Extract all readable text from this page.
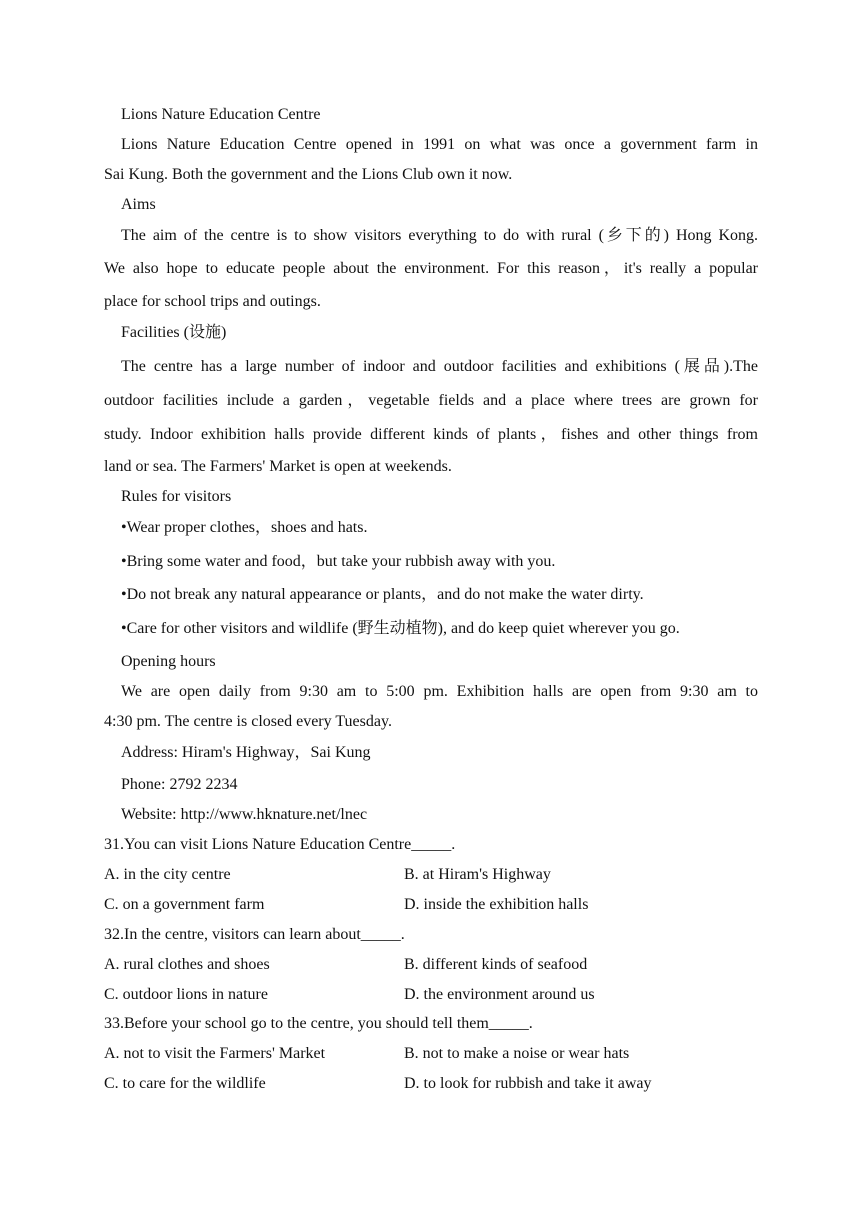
Lions Nature Education Centre
Lions Nature Education Centre opened in 1991 on what was once a government farm in
Sai Kung. Both the government and the Lions Club own it now.
Aims
The aim of the centre is to show visitors everything to do with rural (乡下的) Hong Kong.
We also hope to educate people about the environment. For this reason，it's really a popular
place for school trips and outings.
Facilities (设施)
The centre has a large number of indoor and outdoor facilities and exhibitions (展品).The
outdoor facilities include a garden，vegetable fields and a place where trees are grown for
study. Indoor exhibition halls provide different kinds of plants，fishes and other things from
land or sea. The Farmers' Market is open at weekends.
Rules for visitors
•Wear proper clothes，shoes and hats.
•Bring some water and food，but take your rubbish away with you.
•Do not break any natural appearance or plants，and do not make the water dirty.
•Care for other visitors and wildlife (野生动植物), and do keep quiet wherever you go.
Opening hours
We are open daily from 9:30 am to 5:00 pm. Exhibition halls are open from 9:30 am to
4:30 pm. The centre is closed every Tuesday.
Address: Hiram's Highway，Sai Kung
Phone: 2792 2234
Website: http://www.hknature.net/lnec
31.You can visit Lions Nature Education Centre_____.
A. in the city centre	B. at Hiram's Highway
C. on a government farm	D. inside the exhibition halls
32.In the centre, visitors can learn about_____.
A. rural clothes and shoes	B. different kinds of seafood
C. outdoor lions in nature	D. the environment around us
33.Before your school go to the centre, you should tell them_____.
A. not to visit the Farmers' Market	B. not to make a noise or wear hats
C. to care for the wildlife	D. to look for rubbish and take it away
